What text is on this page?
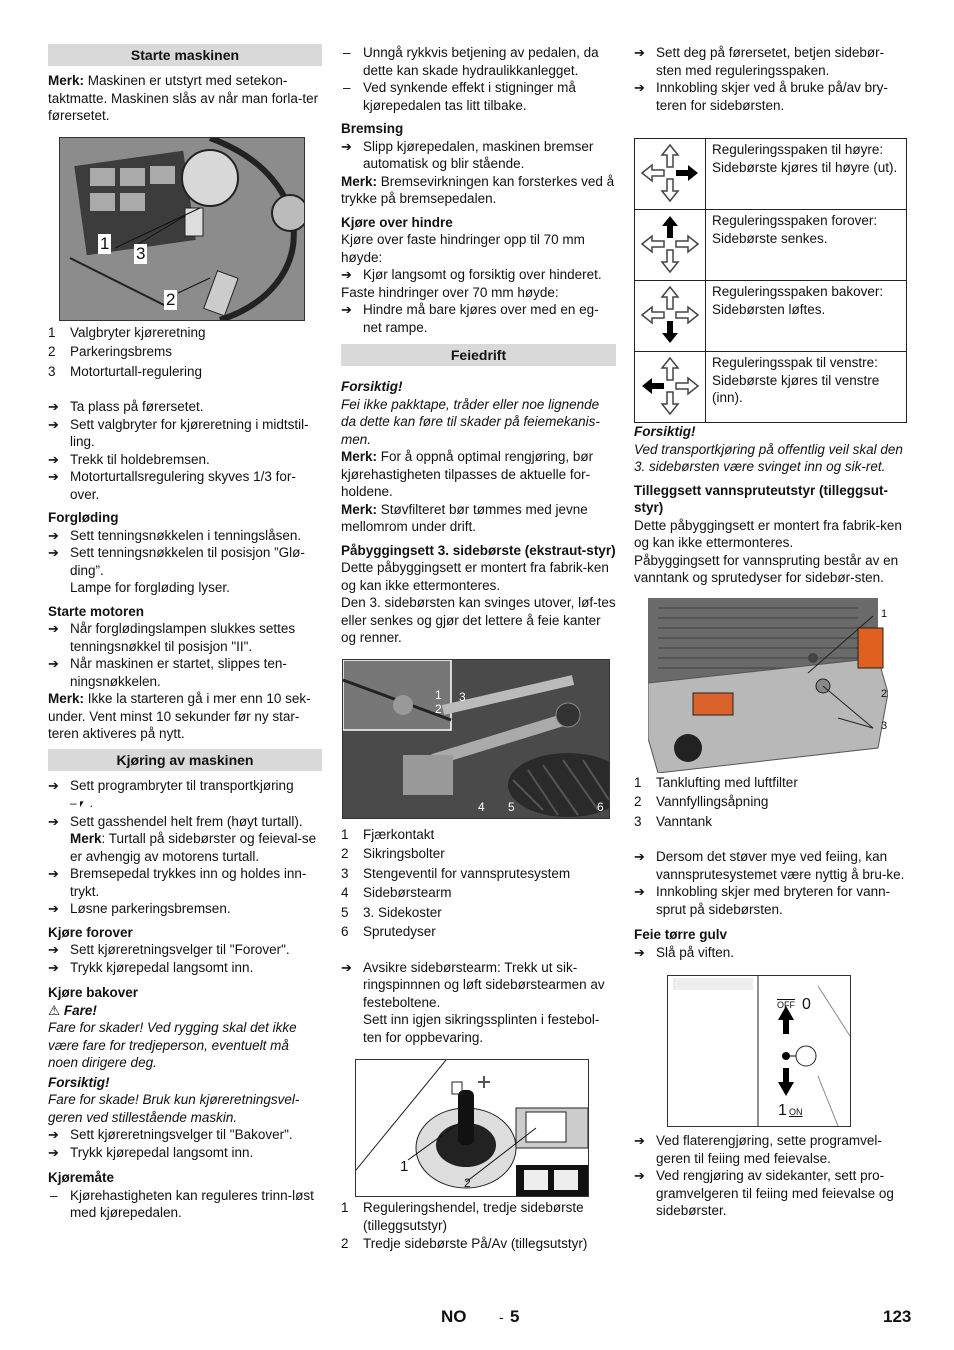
Starte maskinen

Merk: Maskinen er utstyrt med setekon-taktmatte. Maskinen slås av når man forla-ter førersetet.

1
3
2
1 Valgbryter kjøreretning
2 Parkeringsbrems
3 Motorturtall-regulering
➔ Ta plass på førersetet.
➔ Sett valgbryter for kjøreretning i midtstil-ling.
➔ Trekk til holdebremsen.
➔ Motorturtallsregulering skyves 1/3 for-over.

Forgløding

➔ Sett tenningsnøkkelen i tenningslåsen.
➔ Sett tenningsnøkkelen til posisjon ”Glø-ding”.
Lampe for forgløding lyser.

Starte motoren

➔ Når forglødingslampen slukkes settes tenningsnøkkel til posisjon "II".
➔ Når maskinen er startet, slippes ten-ningsnøkkelen.

Merk: Ikke la starteren gå i mer enn 10 sek-under. Vent minst 10 sekunder før ny star-teren aktiveres på nytt.

Kjøring av maskinen
➔ Sett programbryter til transportkjøring
–⎖ .
➔ Sett gasshendel helt frem (høyt turtall).
Merk: Turtall på sidebørster og feieval-se er avhengig av motorens turtall.
➔ Bremsepedal trykkes inn og holdes inn-trykt.
➔ Løsne parkeringsbremsen.

Kjøre forover

➔ Sett kjøreretningsvelger til "Forover".
➔ Trykk kjørepedal langsomt inn.

Kjøre bakover

⚠ Fare!

Fare for skader! Ved rygging skal det ikke være fare for tredjeperson, eventuelt må noen dirigere deg.

Forsiktig!

Fare for skade! Bruk kun kjøreretningsvel-geren ved stillestående maskin.

➔ Sett kjøreretningsvelger til "Bakover".
➔ Trykk kjørepedal langsomt inn.

Kjøremåte

– Kjørehastigheten kan reguleres trinn-løst med kjørepedalen.
– Unngå rykkvis betjening av pedalen, da dette kan skade hydraulikkanlegget.
– Ved synkende effekt i stigninger må kjørepedalen tas litt tilbake.

Bremsing

➔ Slipp kjørepedalen, maskinen bremser automatisk og blir stående.

Merk: Bremsevirkningen kan forsterkes ved å trykke på bremsepedalen.

Kjøre over hindre

Kjøre over faste hindringer opp til 70 mm høyde:

➔ Kjør langsomt og forsiktig over hinderet.

Faste hindringer over 70 mm høyde:

➔ Hindre må bare kjøres over med en eg-net rampe.
Feiedrift

Forsiktig!

Fei ikke pakktape, tråder eller noe lignende da dette kan føre til skader på feiemekanis-men.

Merk: For å oppnå optimal rengjøring, bør kjørehastigheten tilpasses de aktuelle for-holdene.

Merk: Støvfilteret bør tømmes med jevne mellomrom under drift.

Påbyggingsett 3. sidebørste (ekstraut-styr)

Dette påbyggingsett er montert fra fabrik-ken og kan ikke ettermonteres.

Den 3. sidebørsten kan svinges utover, løf-tes eller senkes og gjør det lettere å feie kanter og renner.

1
2
3
4 5	6
1 Fjærkontakt
2 Sikringsbolter
3 Stengeventil for vannsprutesystem
4 Sidebørstearm
5 3. Sidekoster
6 Sprutedyser
➔ Avsikre sidebørstearm: Trekk ut sik-ringspinnnen og løft sidebørstearmen av festeboltene.
Sett inn igjen sikringssplinten i festebol-ten for oppbevaring.
1
2
1 Reguleringshendel, tredje sidebørste (tilleggsutstyr)
2 Tredje sidebørste På/Av (tillegsutstyr)
➔ Sett deg på førersetet, betjen sidebør-sten med reguleringsspaken.
➔ Innkobling skjer ved å bruke på/av bry-teren for sidebørsten.
	Reguleringsspaken til høyre: Sidebørste kjøres til høyre (ut).
	Reguleringsspaken forover: Sidebørste senkes.
	Reguleringsspaken bakover: Sidebørsten løftes.
	Reguleringsspak til venstre: Sidebørste kjøres til venstre (inn).

Forsiktig!

Ved transportkjøring på offentlig veil skal den 3. sidebørsten være svinget inn og sik-ret.

Tilleggsett vannspruteutstyr (tilleggsut-styr)

Dette påbyggingsett er montert fra fabrik-ken og kan ikke ettermonteres.

Påbyggingsett for vannspruting består av en vanntank og sprutedyser for sidebør-sten.

1
2
3
1 Tanklufting med luftfilter
2 Vannfyllingsåpning
3 Vanntank
➔ Dersom det støver mye ved feiing, kan vannsprutesystemet være nyttig å bru-ke.
➔ Innkobling skjer med bryteren for vann-sprut på sidebørsten.

Feie tørre gulv

➔ Slå på viften.
$\overline{OFF}$ 0
1 ON
➔ Ved flaterengjøring, sette programvel-geren til feiing med feievalse.
➔ Ved rengjøring av sidekanter, sett pro-gramvelgeren til feiing med feievalse og sidebørster.
NO - 5	123
